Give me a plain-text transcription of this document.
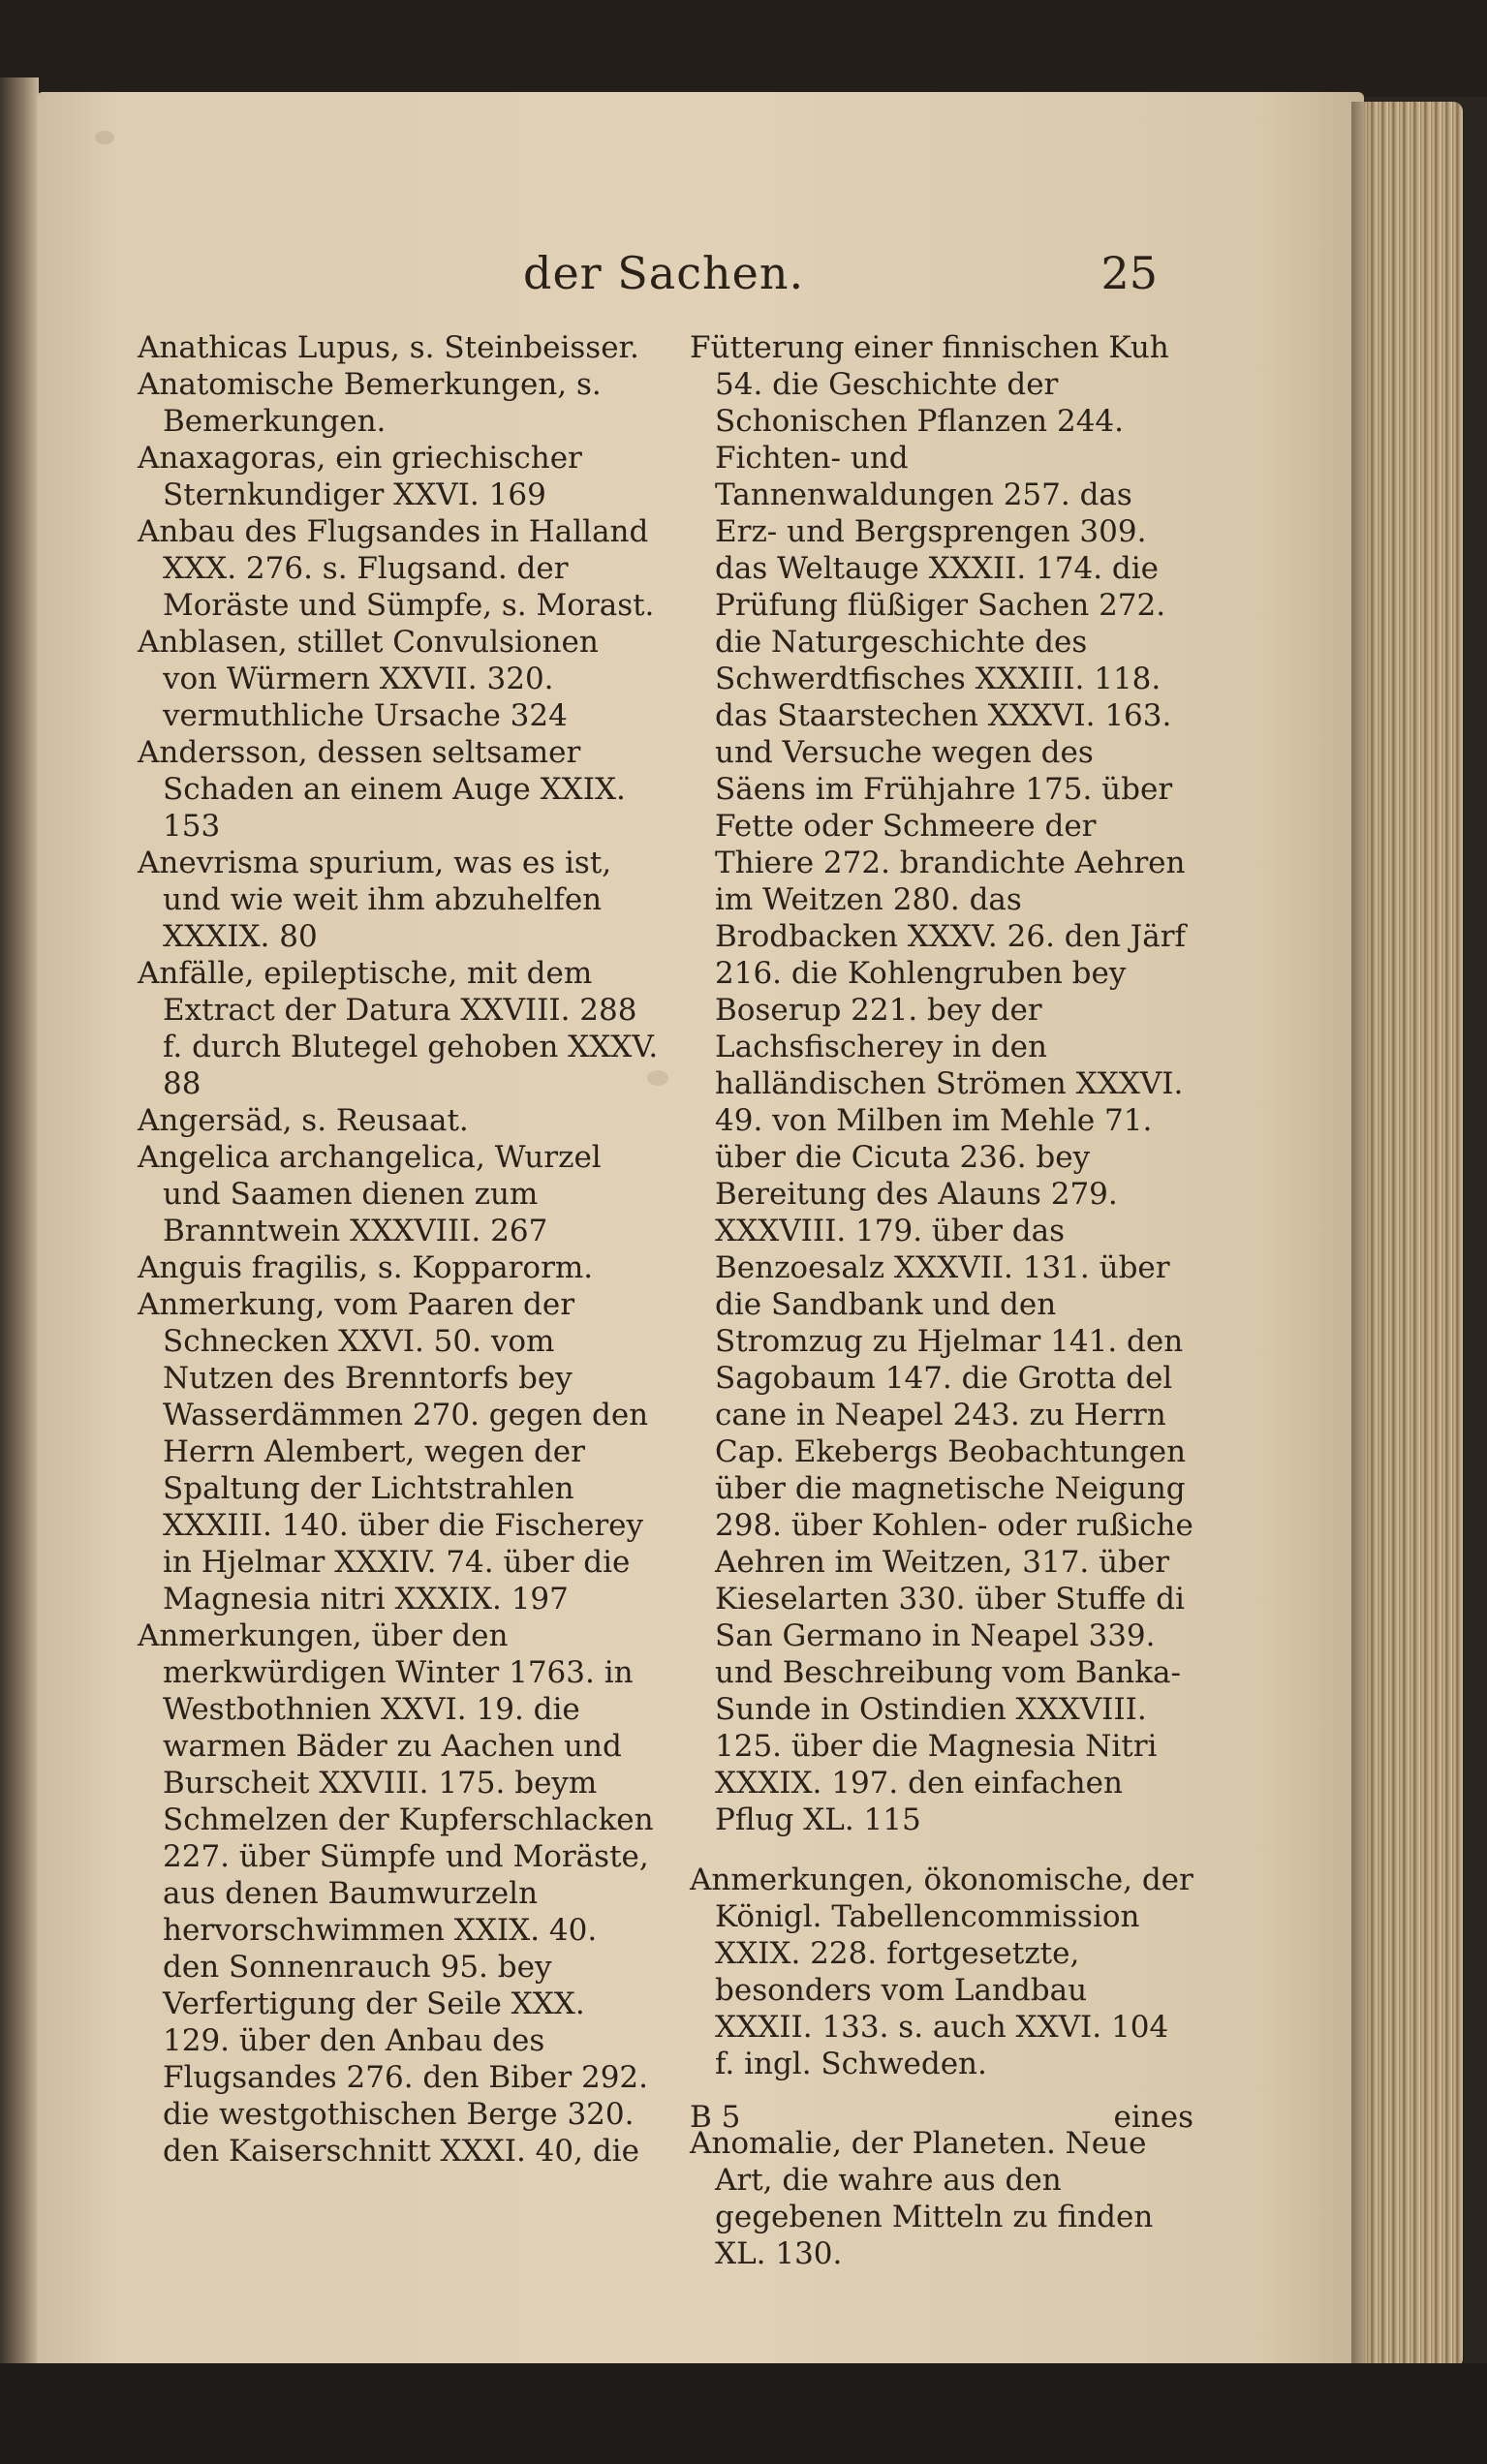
der Sachen.	25

Anathicas Lupus, s. Steinbeisser.

Anatomische Bemerkungen, s. Bemerkungen.

Anaxagoras, ein griechischer Sternkundiger XXVI. 169

Anbau des Flugsandes in Halland XXX. 276. s. Flugsand. der Moräste und Sümpfe, s. Morast.

Anblasen, stillet Convulsionen von Würmern XXVII. 320. vermuthliche Ursache 324

Andersson, dessen seltsamer Schaden an einem Auge XXIX. 153

Anevrisma spurium, was es ist, und wie weit ihm abzuhelfen XXXIX. 80

Anfälle, epileptische, mit dem Extract der Datura XXVIII. 288 f. durch Blutegel gehoben XXXV. 88

Angersäd, s. Reusaat.

Angelica archangelica, Wurzel und Saamen dienen zum Branntwein XXXVIII. 267

Anguis fragilis, s. Kopparorm.

Anmerkung, vom Paaren der Schnecken XXVI. 50. vom Nutzen des Brenntorfs bey Wasserdämmen 270. gegen den Herrn Alembert, wegen der Spaltung der Lichtstrahlen XXXIII. 140. über die Fischerey in Hjelmar XXXIV. 74. über die Magnesia nitri XXXIX. 197

Anmerkungen, über den merkwürdigen Winter 1763. in Westbothnien XXVI. 19. die warmen Bäder zu Aachen und Burscheit XXVIII. 175. beym Schmelzen der Kupferschlacken 227. über Sümpfe und Moräste, aus denen Baumwurzeln hervorschwimmen XXIX. 40. den Sonnenrauch 95. bey Verfertigung der Seile XXX. 129. über den Anbau des Flugsandes 276. den Biber 292. die westgothischen Berge 320. den Kaiserschnitt XXXI. 40, die

Fütterung einer finnischen Kuh 54. die Geschichte der Schonischen Pflanzen 244. Fichten- und Tannenwaldungen 257. das Erz- und Bergsprengen 309. das Weltauge XXXII. 174. die Prüfung flüßiger Sachen 272. die Naturgeschichte des Schwerdtfisches XXXIII. 118. das Staarstechen XXXVI. 163. und Versuche wegen des Säens im Frühjahre 175. über Fette oder Schmeere der Thiere 272. brandichte Aehren im Weitzen 280. das Brodbacken XXXV. 26. den Järf 216. die Kohlengruben bey Boserup 221. bey der Lachsfischerey in den halländischen Strömen XXXVI. 49. von Milben im Mehle 71. über die Cicuta 236. bey Bereitung des Alauns 279. XXXVIII. 179. über das Benzoesalz XXXVII. 131. über die Sandbank und den Stromzug zu Hjelmar 141. den Sagobaum 147. die Grotta del cane in Neapel 243. zu Herrn Cap. Ekebergs Beobachtungen über die magnetische Neigung 298. über Kohlen- oder rußiche Aehren im Weitzen, 317. über Kieselarten 330. über Stuffe di San Germano in Neapel 339. und Beschreibung vom Banka-Sunde in Ostindien XXXVIII. 125. über die Magnesia Nitri XXXIX. 197. den einfachen Pflug XL. 115

Anmerkungen, ökonomische, der Königl. Tabellencommission XXIX. 228. fortgesetzte, besonders vom Landbau XXXII. 133. s. auch XXVI. 104 f. ingl. Schweden.

Anomalie, der Planeten. Neue Art, die wahre aus den gegebenen Mitteln zu finden XL. 130.

B 5	eines
